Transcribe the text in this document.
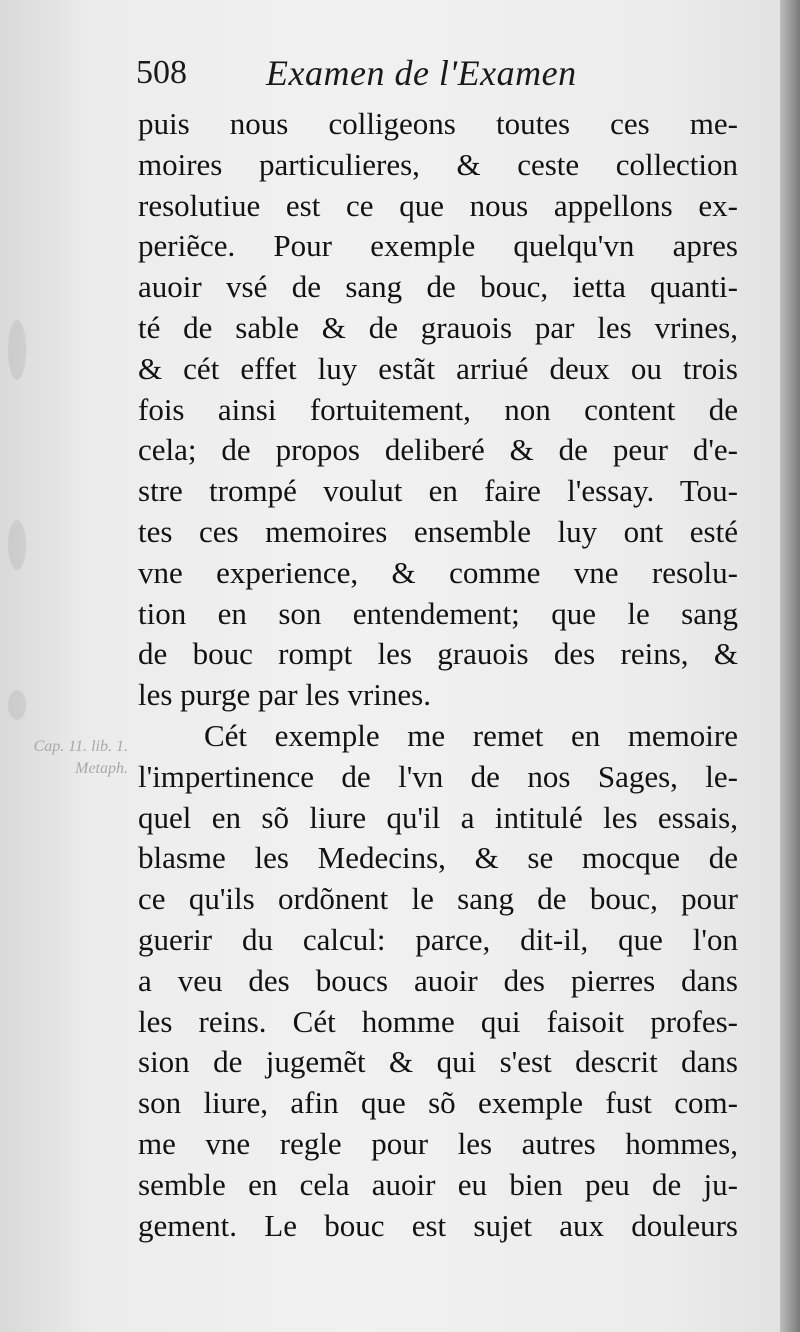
508 Examen de l'Examen
Cap. 11. lib. 1. Metaph.
puis nous colligeons toutes ces me-
moires particulieres, & ceste collection
resolutiue est ce que nous appellons ex-
periẽce. Pour exemple quelqu'vn apres
auoir vsé de sang de bouc, ietta quanti-
té de sable & de grauois par les vrines,
& cét effet luy estãt arriué deux ou trois
fois ainsi fortuitement, non content de
cela; de propos deliberé & de peur d'e-
stre trompé voulut en faire l'essay. Tou-
tes ces memoires ensemble luy ont esté
vne experience, & comme vne resolu-
tion en son entendement; que le sang
de bouc rompt les grauois des reins, &
les purge par les vrines.
Cét exemple me remet en memoire
l'impertinence de l'vn de nos Sages, le-
quel en sõ liure qu'il a intitulé les essais,
blasme les Medecins, & se mocque de
ce qu'ils ordõnent le sang de bouc, pour
guerir du calcul: parce, dit-il, que l'on
a veu des boucs auoir des pierres dans
les reins. Cét homme qui faisoit profes-
sion de jugemẽt & qui s'est descrit dans
son liure, afin que sõ exemple fust com-
me vne regle pour les autres hommes,
semble en cela auoir eu bien peu de ju-
gement. Le bouc est sujet aux douleurs
